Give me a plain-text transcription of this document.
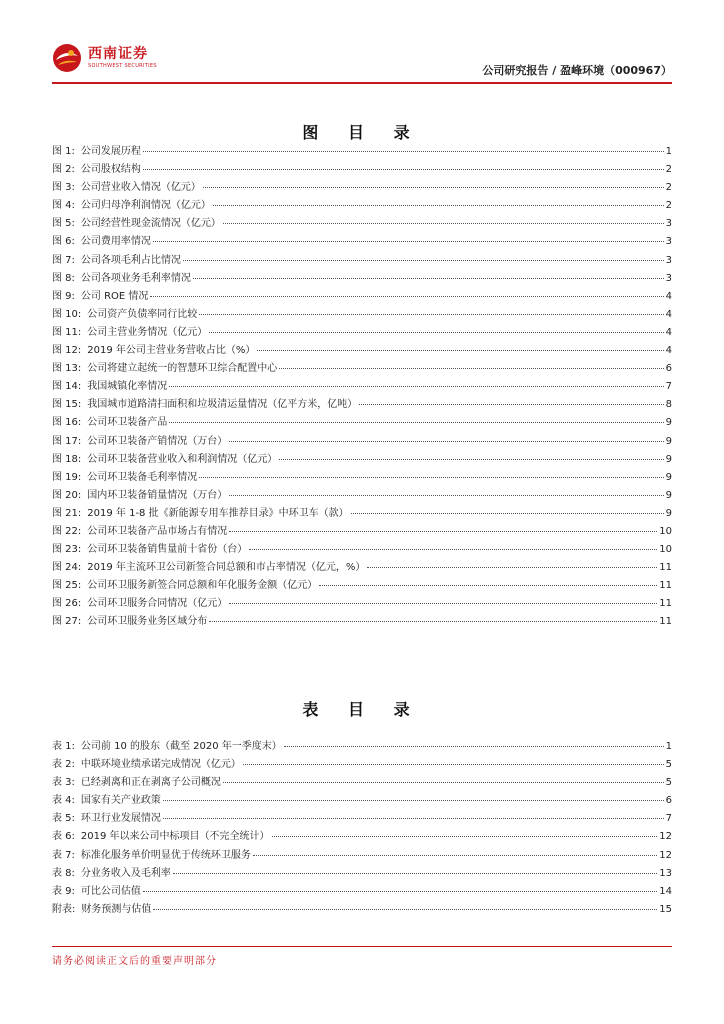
西南证券
SOUTHWEST SECURITIES	公司研究报告 / 盈峰环境（000967）
图 目 录
图 1: 公司发展历程	1
图 2: 公司股权结构	2
图 3: 公司营业收入情况（亿元）	2
图 4: 公司归母净利润情况（亿元）	2
图 5: 公司经营性现金流情况（亿元）	3
图 6: 公司费用率情况	3
图 7: 公司各项毛利占比情况	3
图 8: 公司各项业务毛利率情况	3
图 9: 公司 ROE 情况	4
图 10: 公司资产负债率同行比较	4
图 11: 公司主营业务情况（亿元）	4
图 12: 2019 年公司主营业务营收占比（%）	4
图 13: 公司将建立起统一的智慧环卫综合配置中心	6
图 14: 我国城镇化率情况	7
图 15: 我国城市道路清扫面积和垃圾清运量情况（亿平方米，亿吨）	8
图 16: 公司环卫装备产品	9
图 17: 公司环卫装备产销情况（万台）	9
图 18: 公司环卫装备营业收入和利润情况（亿元）	9
图 19: 公司环卫装备毛利率情况	9
图 20: 国内环卫装备销量情况（万台）	9
图 21: 2019 年 1-8 批《新能源专用车推荐目录》中环卫车（款）	9
图 22: 公司环卫装备产品市场占有情况	10
图 23: 公司环卫装备销售量前十省份（台）	10
图 24: 2019 年主流环卫公司新签合同总额和市占率情况（亿元，%）	11
图 25: 公司环卫服务新签合同总额和年化服务金额（亿元）	11
图 26: 公司环卫服务合同情况（亿元）	11
图 27: 公司环卫服务业务区域分布	11
表 目 录
表 1: 公司前 10 的股东（截至 2020 年一季度末）	1
表 2: 中联环境业绩承诺完成情况（亿元）	5
表 3: 已经剥离和正在剥离子公司概况	5
表 4: 国家有关产业政策	6
表 5: 环卫行业发展情况	7
表 6: 2019 年以来公司中标项目（不完全统计）	12
表 7: 标准化服务单价明显优于传统环卫服务	12
表 8: 分业务收入及毛利率	13
表 9: 可比公司估值	14
附表: 财务预测与估值	15
请务必阅读正文后的重要声明部分
